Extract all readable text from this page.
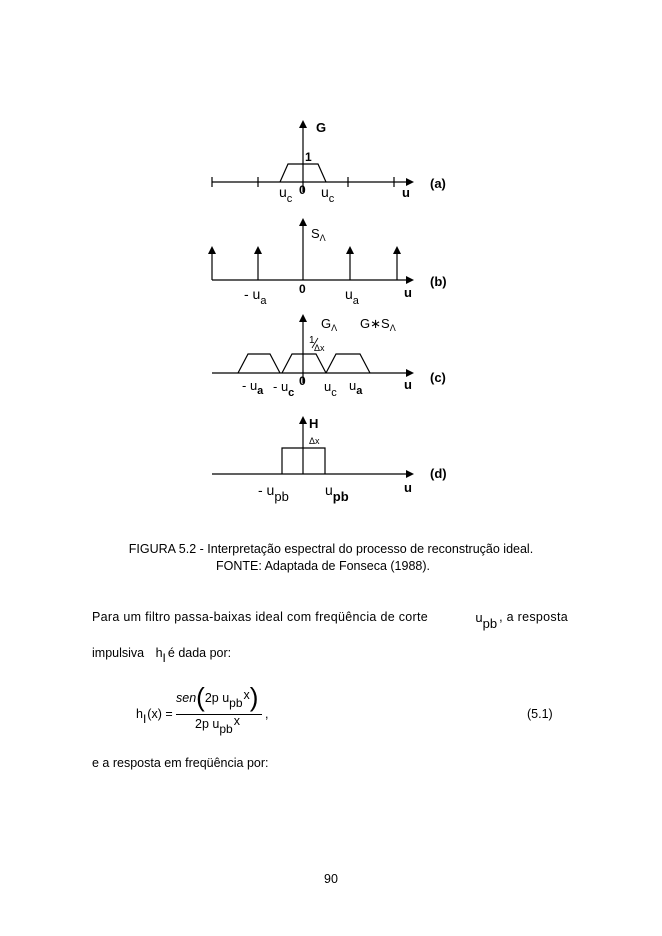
G
1
0
$u_c$ $u_c$	u
(a)
$S_\Lambda$
0
- $u_a$	$u_a$
u
(b)
$G_\Lambda$ $G∗S_\Lambda$
1
Δx
0
- $u_a - u_c$ $u_c$ $u_a$	u (c)
H
Δx
- upb	upb
u
(d)
FIGURA 5.2 - Interpretação espectral do processo de reconstrução ideal.
FONTE: Adaptada de Fonseca (1988).
Para um filtro passa-baixas ideal com freqüência de corte	upb , a resposta
impulsiva hI é dada por:
hI(x) =
sen(2p upbx)
2p upbx ,	(5.1)
e a resposta em freqüência por:
90
